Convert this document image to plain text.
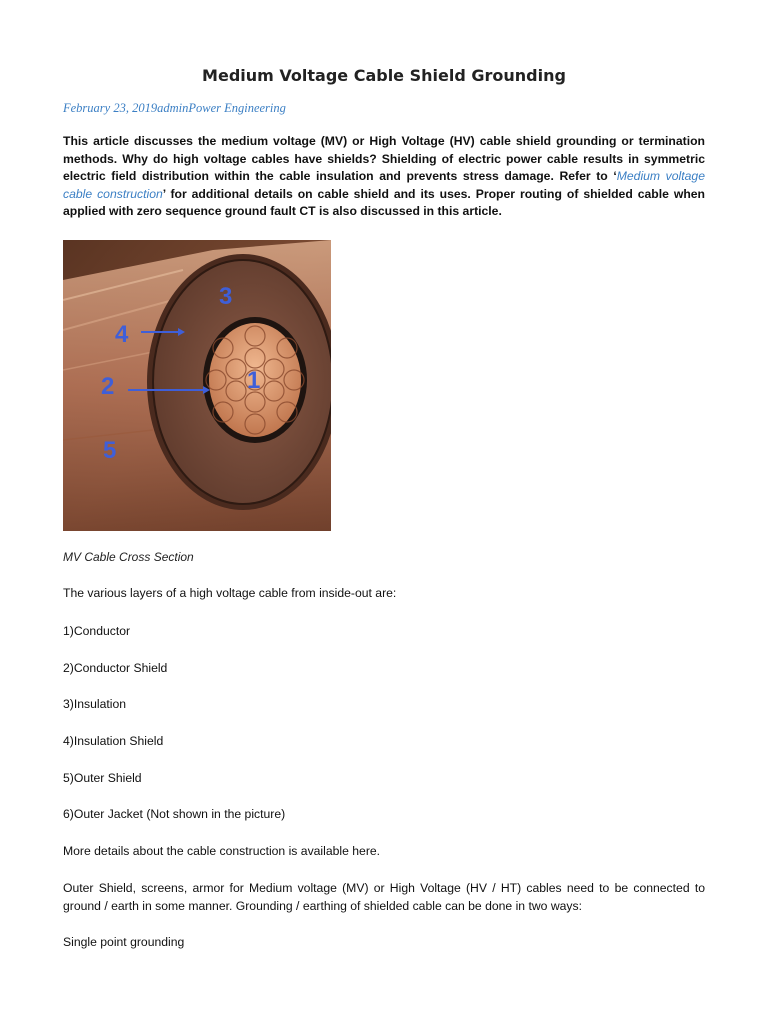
Medium Voltage Cable Shield Grounding
February 23, 2019adminPower Engineering
This article discusses the medium voltage (MV) or High Voltage (HV) cable shield grounding or termination methods. Why do high voltage cables have shields? Shielding of electric power cable results in symmetric electric field distribution within the cable insulation and prevents stress damage. Refer to ‘Medium voltage cable construction’ for additional details on cable shield and its uses. Proper routing of shielded cable when applied with zero sequence ground fault CT is also discussed in this article.
1
2
3
4
5
MV Cable Cross Section
The various layers of a high voltage cable from inside-out are:
1)Conductor
2)Conductor Shield
3)Insulation
4)Insulation Shield
5)Outer Shield
6)Outer Jacket (Not shown in the picture)
More details about the cable construction is available here.
Outer Shield, screens, armor for Medium voltage (MV) or High Voltage (HV / HT) cables need to be connected to ground / earth in some manner. Grounding / earthing of shielded cable can be done in two ways:
Single point grounding
